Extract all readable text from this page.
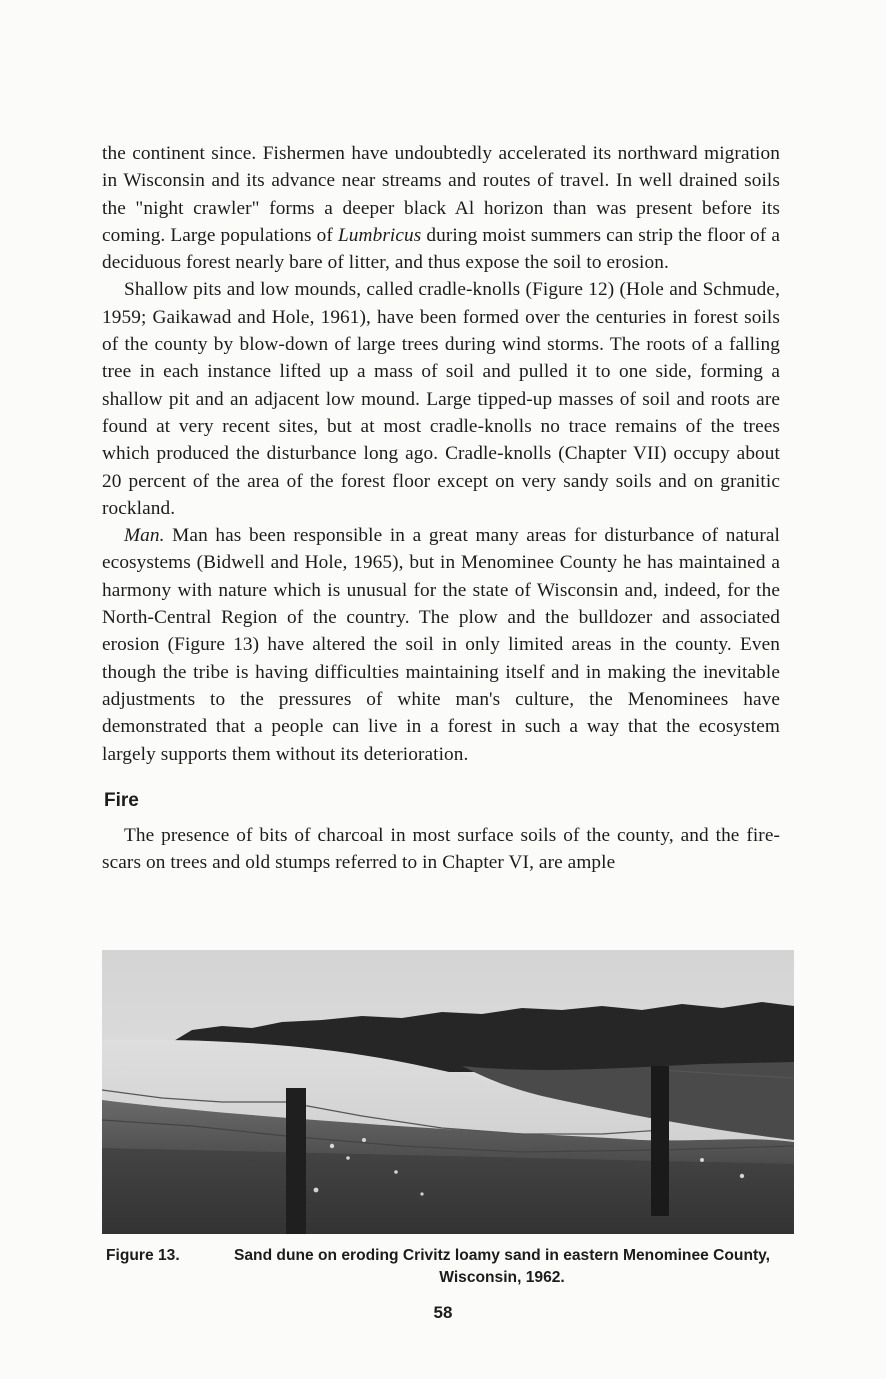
the continent since. Fishermen have undoubtedly accelerated its northward migration in Wisconsin and its advance near streams and routes of travel. In well drained soils the "night crawler" forms a deeper black Al horizon than was present before its coming. Large populations of Lumbricus during moist summers can strip the floor of a deciduous forest nearly bare of litter, and thus expose the soil to erosion.

Shallow pits and low mounds, called cradle-knolls (Figure 12) (Hole and Schmude, 1959; Gaikawad and Hole, 1961), have been formed over the centuries in forest soils of the county by blow-down of large trees during wind storms. The roots of a falling tree in each instance lifted up a mass of soil and pulled it to one side, forming a shallow pit and an adjacent low mound. Large tipped-up masses of soil and roots are found at very recent sites, but at most cradle-knolls no trace remains of the trees which produced the disturbance long ago. Cradle-knolls (Chapter VII) occupy about 20 percent of the area of the forest floor except on very sandy soils and on granitic rockland.

Man. Man has been responsible in a great many areas for disturbance of natural ecosystems (Bidwell and Hole, 1965), but in Menominee County he has maintained a harmony with nature which is unusual for the state of Wisconsin and, indeed, for the North-Central Region of the country. The plow and the bulldozer and associated erosion (Figure 13) have altered the soil in only limited areas in the county. Even though the tribe is having difficulties maintaining itself and in making the inevitable adjustments to the pressures of white man's culture, the Menominees have demonstrated that a people can live in a forest in such a way that the ecosystem largely supports them without its deterioration.

Fire

The presence of bits of charcoal in most surface soils of the county, and the fire-scars on trees and old stumps referred to in Chapter VI, are ample

Figure 13.	Sand dune on eroding Crivitz loamy sand in eastern Menominee County, Wisconsin, 1962.
58
